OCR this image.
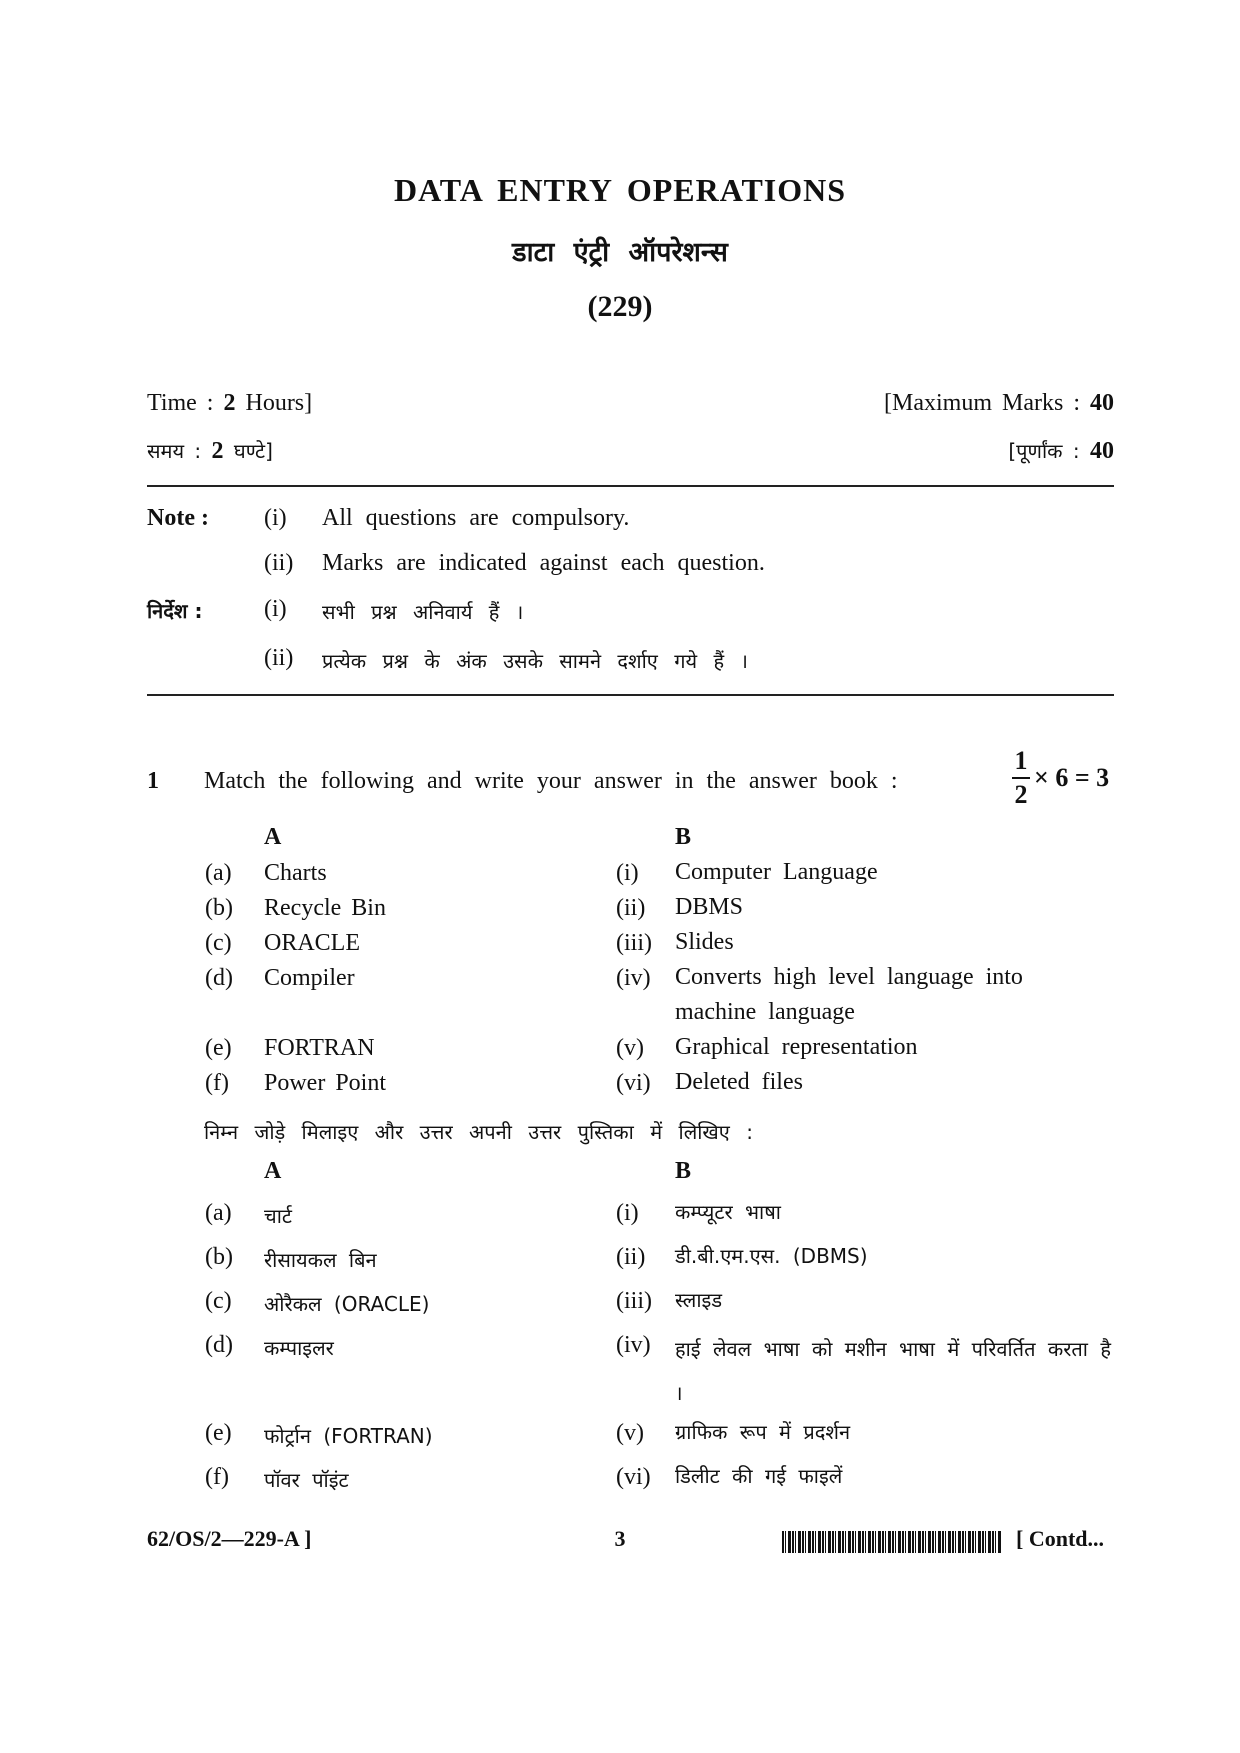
DATA ENTRY OPERATIONS
डाटा एंट्री ऑपरेशन्स
(229)
Time : 2 Hours]	[Maximum Marks : 40
समय : 2 घण्टे]	[पूर्णांक : 40
Note : (i) All questions are compulsory.
(ii) Marks are indicated against each question.
निर्देश :	(i) सभी प्रश्न अनिवार्य हैं ।
(ii) प्रत्येक प्रश्न के अंक उसके सामने दर्शाए गये हैं ।
1 Match the following and write your answer in the answer book :	$\frac{1}{2} \times 6 = 3$
A	B
(a) Charts	(i) Computer Language
(b) Recycle Bin	(ii) DBMS
(c) ORACLE	(iii) Slides
(d) Compiler	(iv) Converts high level language into machine language
(e) FORTRAN	(v) Graphical representation
(f) Power Point	(vi) Deleted files
निम्न जोड़े मिलाइए और उत्तर अपनी उत्तर पुस्तिका में लिखिए :
A	B
(a) चार्ट	(i) कम्प्यूटर भाषा
(b) रीसायकल बिन	(ii) डी.बी.एम.एस. (DBMS)
(c) ओरैकल (ORACLE)	(iii) स्लाइड
(d) कम्पाइलर	(iv) हाई लेवल भाषा को मशीन भाषा में परिवर्तित करता है ।
(e) फोर्ट्रान (FORTRAN)	(v) ग्राफिक रूप में प्रदर्शन
(f) पॉवर पॉइंट	(vi) डिलीट की गई फाइलें
62/OS/2—229-A ]	3	[ Contd...
